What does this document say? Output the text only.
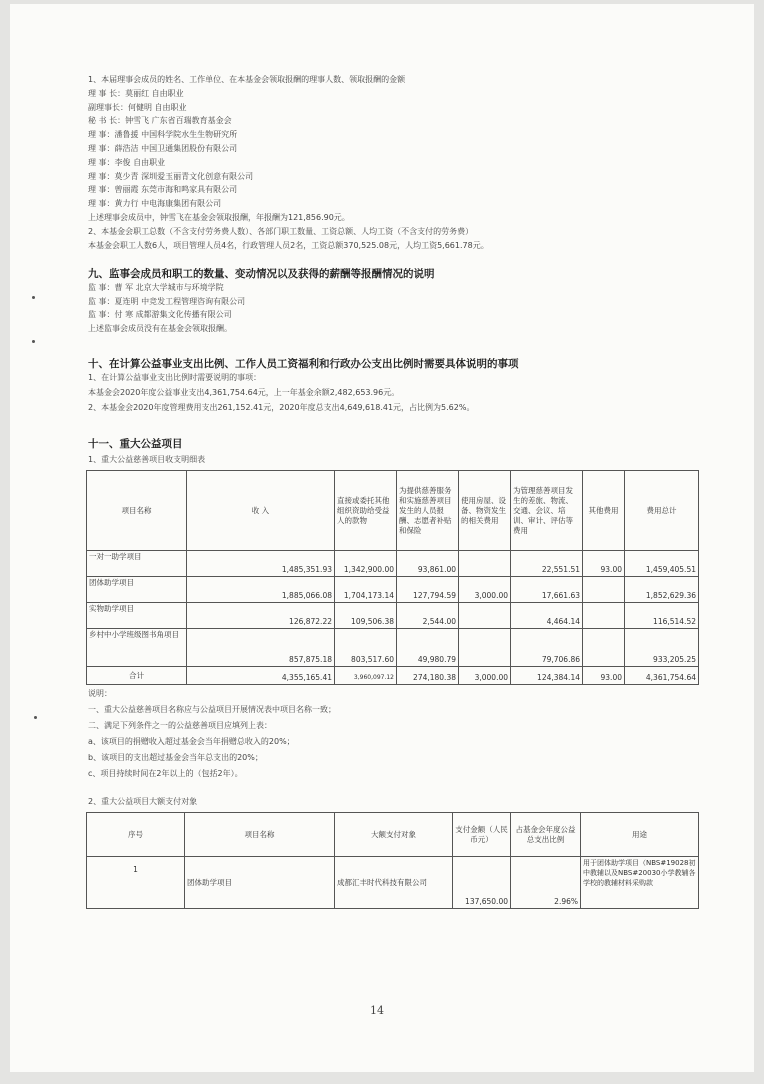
1、本届理事会成员的姓名、工作单位、在本基金会领取报酬的理事人数、领取报酬的金额
理 事 长：莫丽红 自由职业
副理事长：何健明 自由职业
秘 书 长：钟雪飞 广东省百瑞教育基金会
理 事：潘鲁援 中国科学院水生生物研究所
理 事：薛浩洁 中国卫通集团股份有限公司
理 事：李俊 自由职业
理 事：莫少青 深圳爱玉丽青文化创意有限公司
理 事：曾丽霞 东莞市海和鸣家具有限公司
理 事：黄力行 中电海康集团有限公司
上述理事会成员中，钟雪飞在基金会领取报酬，年报酬为121,856.90元。
2、本基金会职工总数（不含支付劳务费人数）、各部门职工数量、工资总额、人均工资（不含支付的劳务费）
本基金会职工人数6人，项目管理人员4名，行政管理人员2名，工资总额370,525.08元，人均工资5,661.78元。
九、监事会成员和职工的数量、变动情况以及获得的薪酬等报酬情况的说明
监 事：曹 军 北京大学城市与环境学院
监 事：夏连明 中竞发工程管理咨询有限公司
监 事：付 寒 成都游集文化传播有限公司
上述监事会成员没有在基金会领取报酬。
十、在计算公益事业支出比例、工作人员工资福利和行政办公支出比例时需要具体说明的事项
1、在计算公益事业支出比例时需要说明的事项：
本基金会2020年度公益事业支出4,361,754.64元，上一年基金余额2,482,653.96元。
2、本基金会2020年度管理费用支出261,152.41元，2020年度总支出4,649,618.41元，占比例为5.62%。
十一、重大公益项目
1、重大公益慈善项目收支明细表
项目名称	收 入	直接或委托其他组织资助给受益人的款物	为提供慈善服务和实施慈善项目发生的人员报酬、志愿者补贴和保险	使用房屋、设备、物资发生的相关费用	为管理慈善项目发生的差旅、物流、交通、会议、培训、审计、评估等费用	其他费用	费用总计
一对一助学项目	1,485,351.93	1,342,900.00	93,861.00		22,551.51	93.00	1,459,405.51
团体助学项目	1,885,066.08	1,704,173.14	127,794.59	3,000.00	17,661.63		1,852,629.36
实物助学项目	126,872.22	109,506.38	2,544.00		4,464.14		116,514.52
乡村中小学班级图书角项目	857,875.18	803,517.60	49,980.79		79,706.86		933,205.25
合计	4,355,165.41	3,960,097.12	274,180.38	3,000.00	124,384.14	93.00	4,361,754.64
说明：
一、重大公益慈善项目名称应与公益项目开展情况表中项目名称一致；
二、满足下列条件之一的公益慈善项目应填列上表：
a、该项目的捐赠收入超过基金会当年捐赠总收入的20%；
b、该项目的支出超过基金会当年总支出的20%；
c、项目持续时间在2年以上的（包括2年）。
2、重大公益项目大额支付对象
序号	项目名称	大额支付对象	支付金额（人民币元）	占基金会年度公益总支出比例	用途
1	团体助学项目	成都汇丰时代科技有限公司	137,650.00	2.96%	用于团体助学项目（NBS#19028初中教辅以及NBS#20030小学教辅各学校的教辅材料采购款
14
